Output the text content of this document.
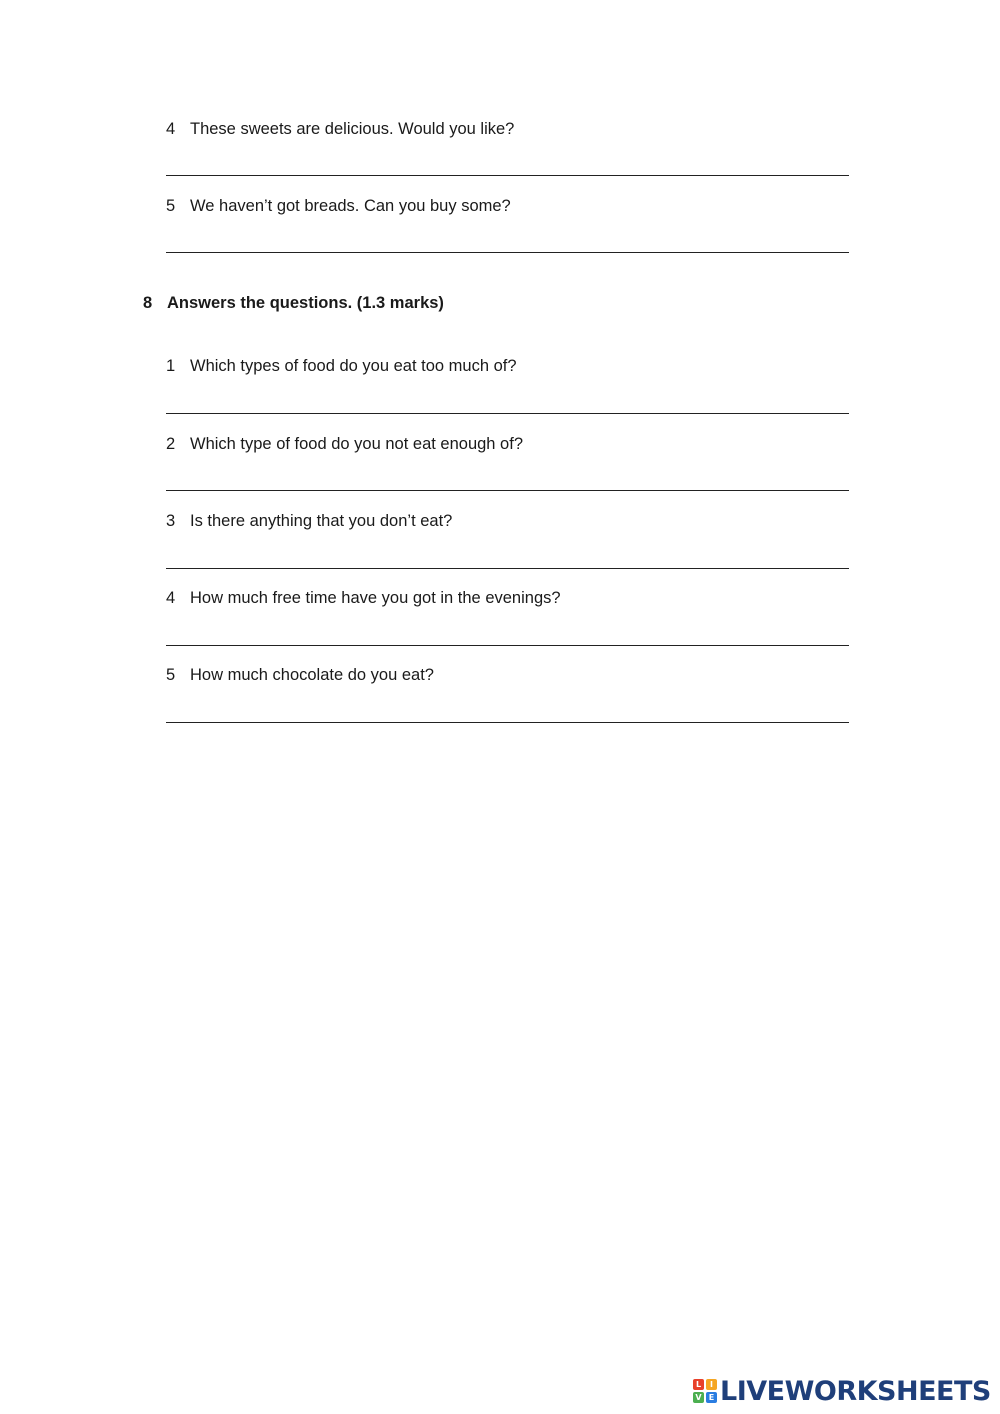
4 These sweets are delicious. Would you like?
5 We haven’t got breads. Can you buy some?
8 Answers the questions. (1.3 marks)
1 Which types of food do you eat too much of?
2 Which type of food do you not eat enough of?
3 Is there anything that you don’t eat?
4 How much free time have you got in the evenings?
5 How much chocolate do you eat?
L	I
V E LIVEWORKSHEETS
